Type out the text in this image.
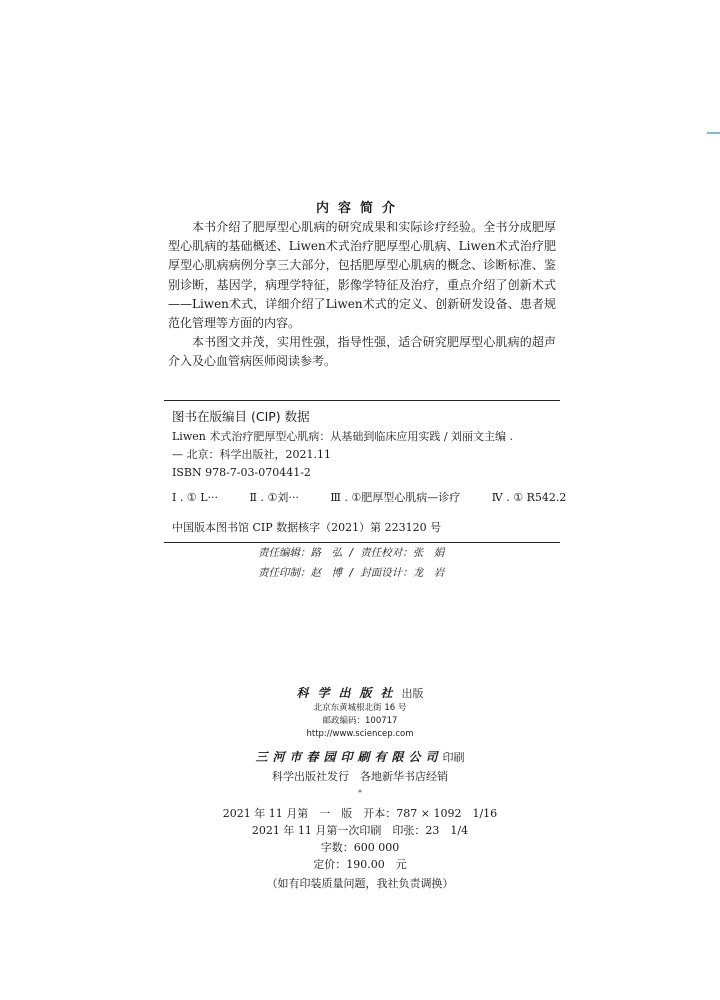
内容简介

本书介绍了肥厚型心肌病的研究成果和实际诊疗经验。全书分成肥厚型心肌病的基础概述、Liwen术式治疗肥厚型心肌病、Liwen术式治疗肥厚型心肌病病例分享三大部分，包括肥厚型心肌病的概念、诊断标准、鉴别诊断，基因学，病理学特征，影像学特征及治疗，重点介绍了创新术式——Liwen术式，详细介绍了Liwen术式的定义、创新研发设备、患者规范化管理等方面的内容。

本书图文并茂，实用性强，指导性强，适合研究肥厚型心肌病的超声介入及心血管病医师阅读参考。

图书在版编目 (CIP) 数据
Liwen 术式治疗肥厚型心肌病：从基础到临床应用实践 / 刘丽文主编 .
— 北京：科学出版社，2021.11
ISBN 978-7-03-070441-2
Ⅰ . ① L···	Ⅱ . ①刘···	Ⅲ . ①肥厚型心肌病—诊疗	Ⅳ . ① R542.2
中国版本图书馆 CIP 数据核字（2021）第 223120 号
责任编辑：路　弘 / 责任校对：张　娟
责任印制：赵　博 / 封面设计：龙　岩
科学出版社出版
北京东黄城根北街 16 号
邮政编码：100717
http://www.sciencep.com
三河市春园印刷有限公司印刷
科学出版社发行　各地新华书店经销
*
2021 年 11 月第　一　版　开本：787 × 1092　1/16
2021 年 11 月第一次印刷　印张：23　1/4
字数：600 000
定价：190.00　元
（如有印装质量问题，我社负责调换）
